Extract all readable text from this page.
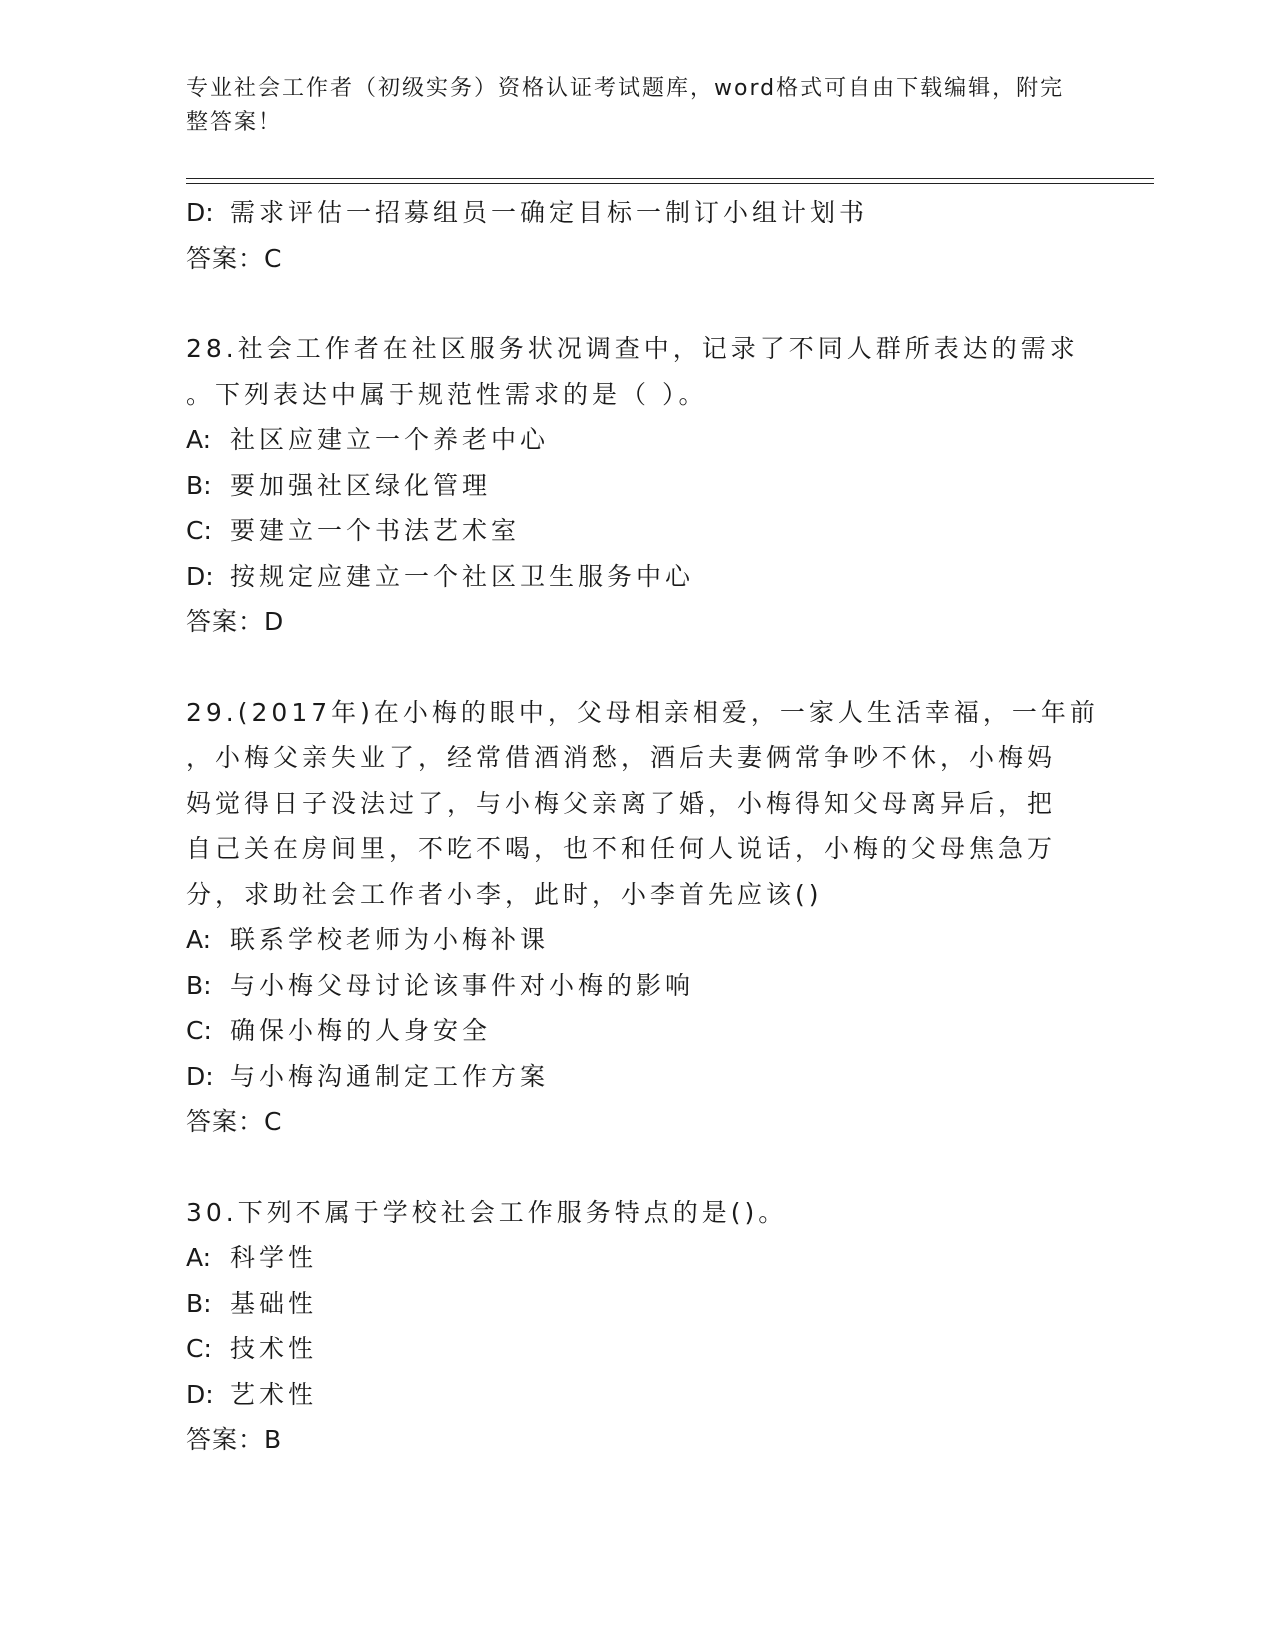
专业社会工作者（初级实务）资格认证考试题库，word格式可自由下载编辑，附完整答案！
D: 需求评估一招募组员一确定目标一制订小组计划书
答案：C
28.社会工作者在社区服务状况调查中，记录了不同人群所表达的需求
。下列表达中属于规范性需求的是（ ）。
A: 社区应建立一个养老中心
B: 要加强社区绿化管理
C: 要建立一个书法艺术室
D: 按规定应建立一个社区卫生服务中心
答案：D
29.(2017年)在小梅的眼中，父母相亲相爱，一家人生活幸福，一年前
，小梅父亲失业了，经常借酒消愁，酒后夫妻俩常争吵不休，小梅妈
妈觉得日子没法过了，与小梅父亲离了婚，小梅得知父母离异后，把
自己关在房间里，不吃不喝，也不和任何人说话，小梅的父母焦急万
分，求助社会工作者小李，此时，小李首先应该()
A: 联系学校老师为小梅补课
B: 与小梅父母讨论该事件对小梅的影响
C: 确保小梅的人身安全
D: 与小梅沟通制定工作方案
答案：C
30.下列不属于学校社会工作服务特点的是()。
A: 科学性
B: 基础性
C: 技术性
D: 艺术性
答案：B
